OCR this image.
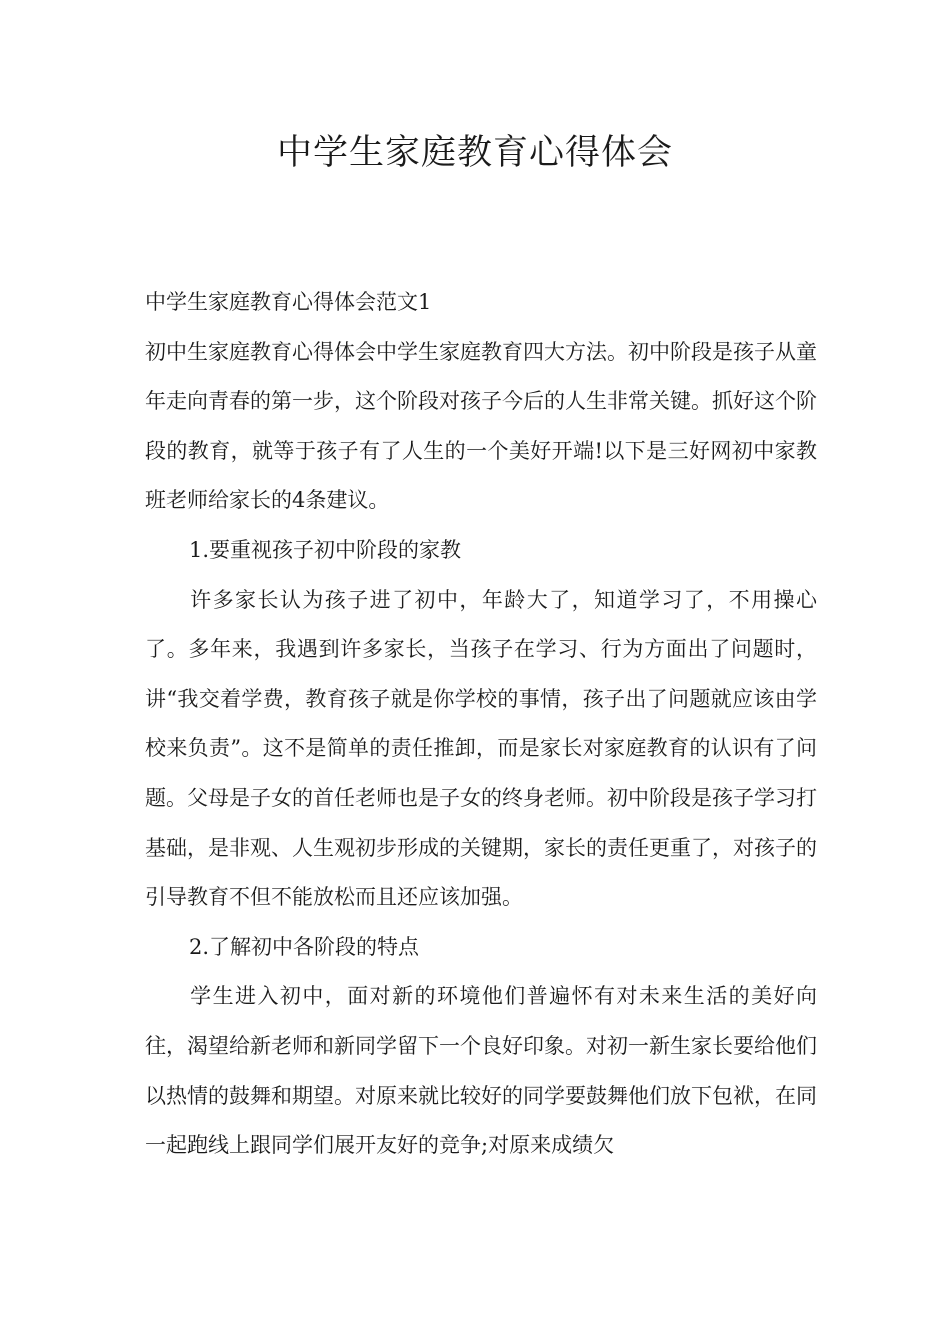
中学生家庭教育心得体会

中学生家庭教育心得体会范文1

初中生家庭教育心得体会中学生家庭教育四大方法。初中阶段是孩子从童年走向青春的第一步，这个阶段对孩子今后的人生非常关键。抓好这个阶段的教育，就等于孩子有了人生的一个美好开端!以下是三好网初中家教班老师给家长的4条建议。

1.要重视孩子初中阶段的家教

许多家长认为孩子进了初中，年龄大了，知道学习了，不用操心了。多年来，我遇到许多家长，当孩子在学习、行为方面出了问题时，讲“我交着学费，教育孩子就是你学校的事情，孩子出了问题就应该由学校来负责”。这不是简单的责任推卸，而是家长对家庭教育的认识有了问题。父母是子女的首任老师也是子女的终身老师。初中阶段是孩子学习打基础，是非观、人生观初步形成的关键期，家长的责任更重了，对孩子的引导教育不但不能放松而且还应该加强。

2.了解初中各阶段的特点

学生进入初中，面对新的环境他们普遍怀有对未来生活的美好向往，渴望给新老师和新同学留下一个良好印象。对初一新生家长要给他们以热情的鼓舞和期望。对原来就比较好的同学要鼓舞他们放下包袱，在同一起跑线上跟同学们展开友好的竞争;对原来成绩欠
